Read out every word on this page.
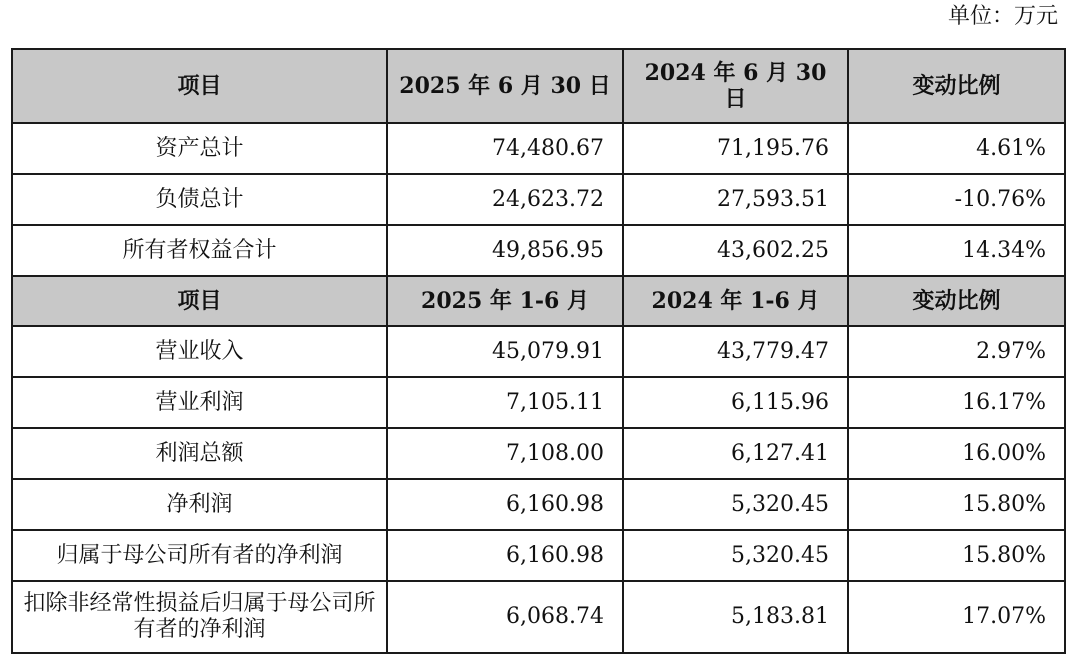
单位：万元
项目	2025 年 6 月 30 日	2024 年 6 月 30 日	变动比例
资产总计	74,480.67	71,195.76	4.61%
负债总计	24,623.72	27,593.51	-10.76%
所有者权益合计	49,856.95	43,602.25	14.34%
项目	2025 年 1-6 月	2024 年 1-6 月	变动比例
营业收入	45,079.91	43,779.47	2.97%
营业利润	7,105.11	6,115.96	16.17%
利润总额	7,108.00	6,127.41	16.00%
净利润	6,160.98	5,320.45	15.80%
归属于母公司所有者的净利润	6,160.98	5,320.45	15.80%
扣除非经常性损益后归属于母公司所有者的净利润	6,068.74	5,183.81	17.07%
